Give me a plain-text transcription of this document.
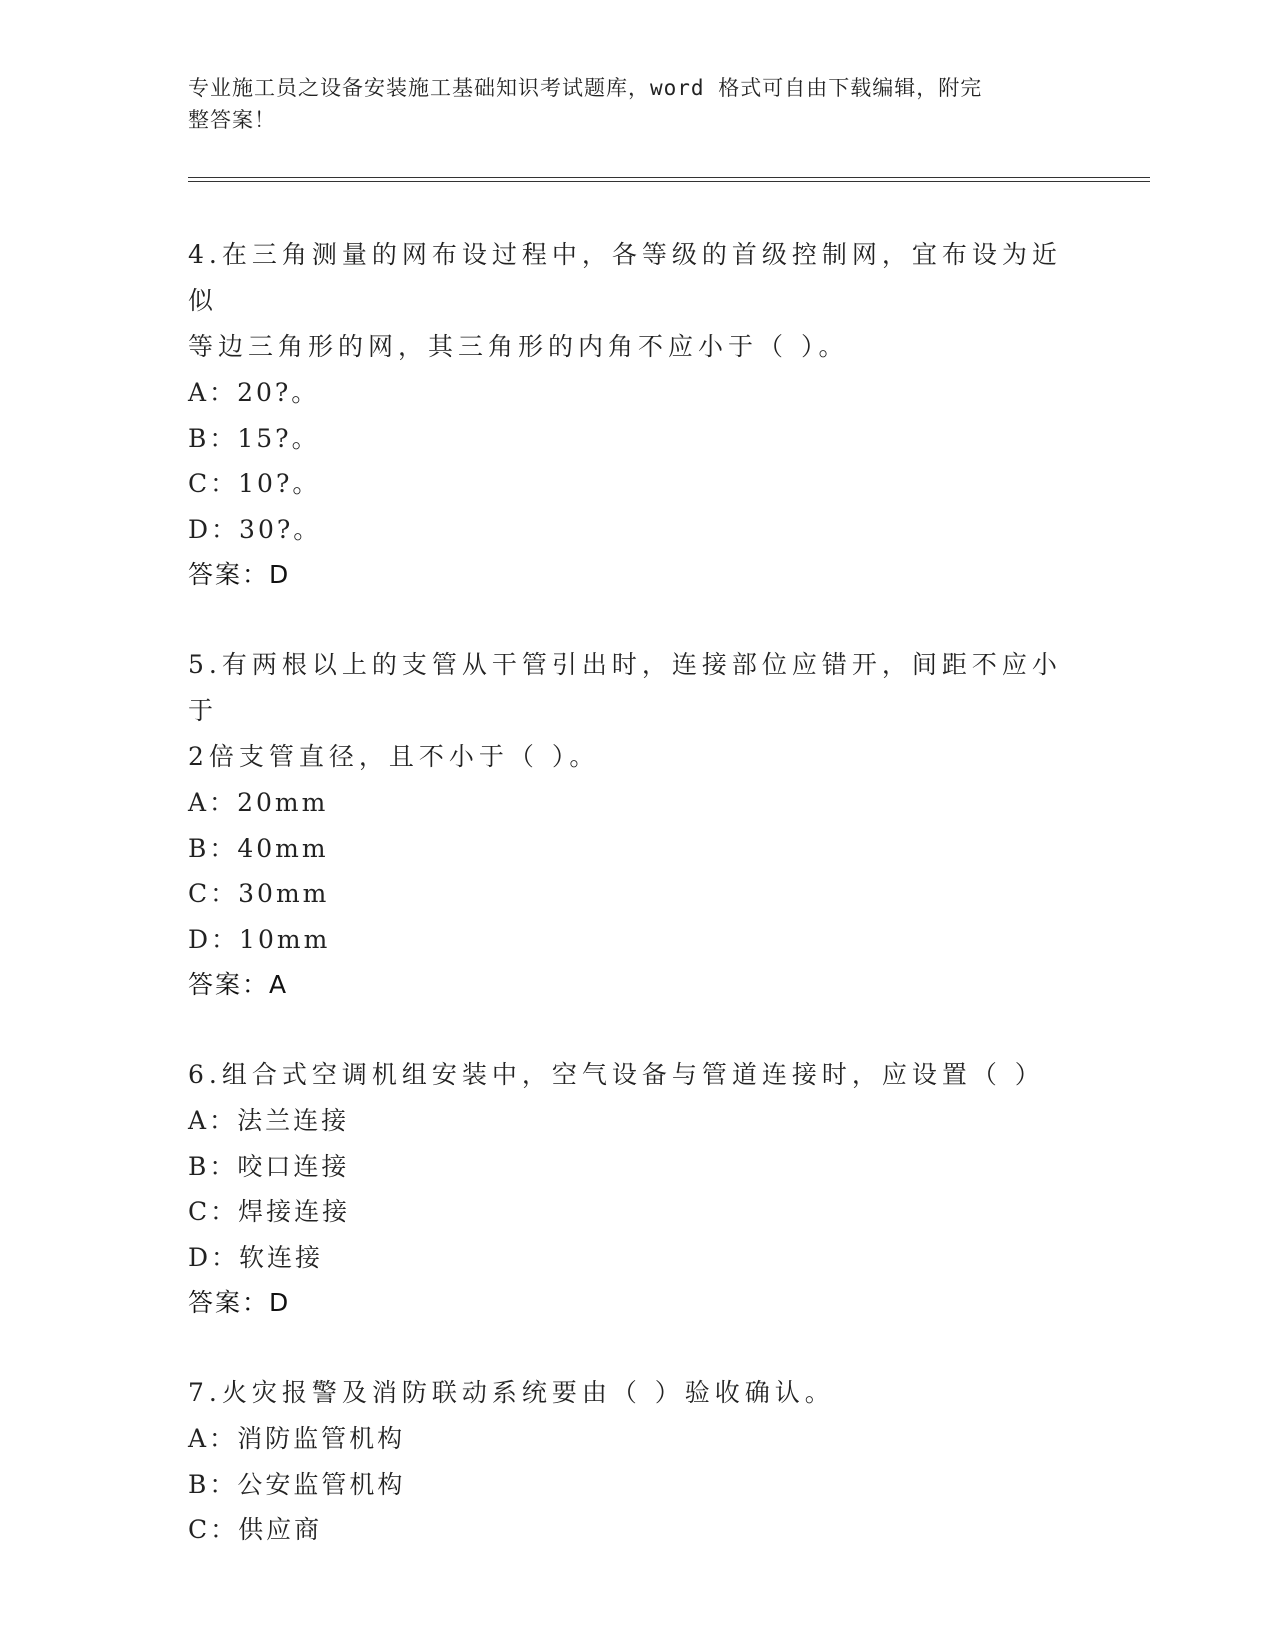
专业施工员之设备安装施工基础知识考试题库，word 格式可自由下载编辑，附完
整答案！

4.在三角测量的网布设过程中，各等级的首级控制网，宜布设为近似

等边三角形的网，其三角形的内角不应小于（ ）。

A：20?。

B：15?。

C：10?。

D：30?。

答案：D

5.有两根以上的支管从干管引出时，连接部位应错开，间距不应小于

2倍支管直径，且不小于（ ）。

A：20mm

B：40mm

C：30mm

D：10mm

答案：A

6.组合式空调机组安装中，空气设备与管道连接时，应设置（ ）

A：法兰连接

B：咬口连接

C：焊接连接

D：软连接

答案：D

7.火灾报警及消防联动系统要由（ ）验收确认。

A：消防监管机构

B：公安监管机构

C：供应商
